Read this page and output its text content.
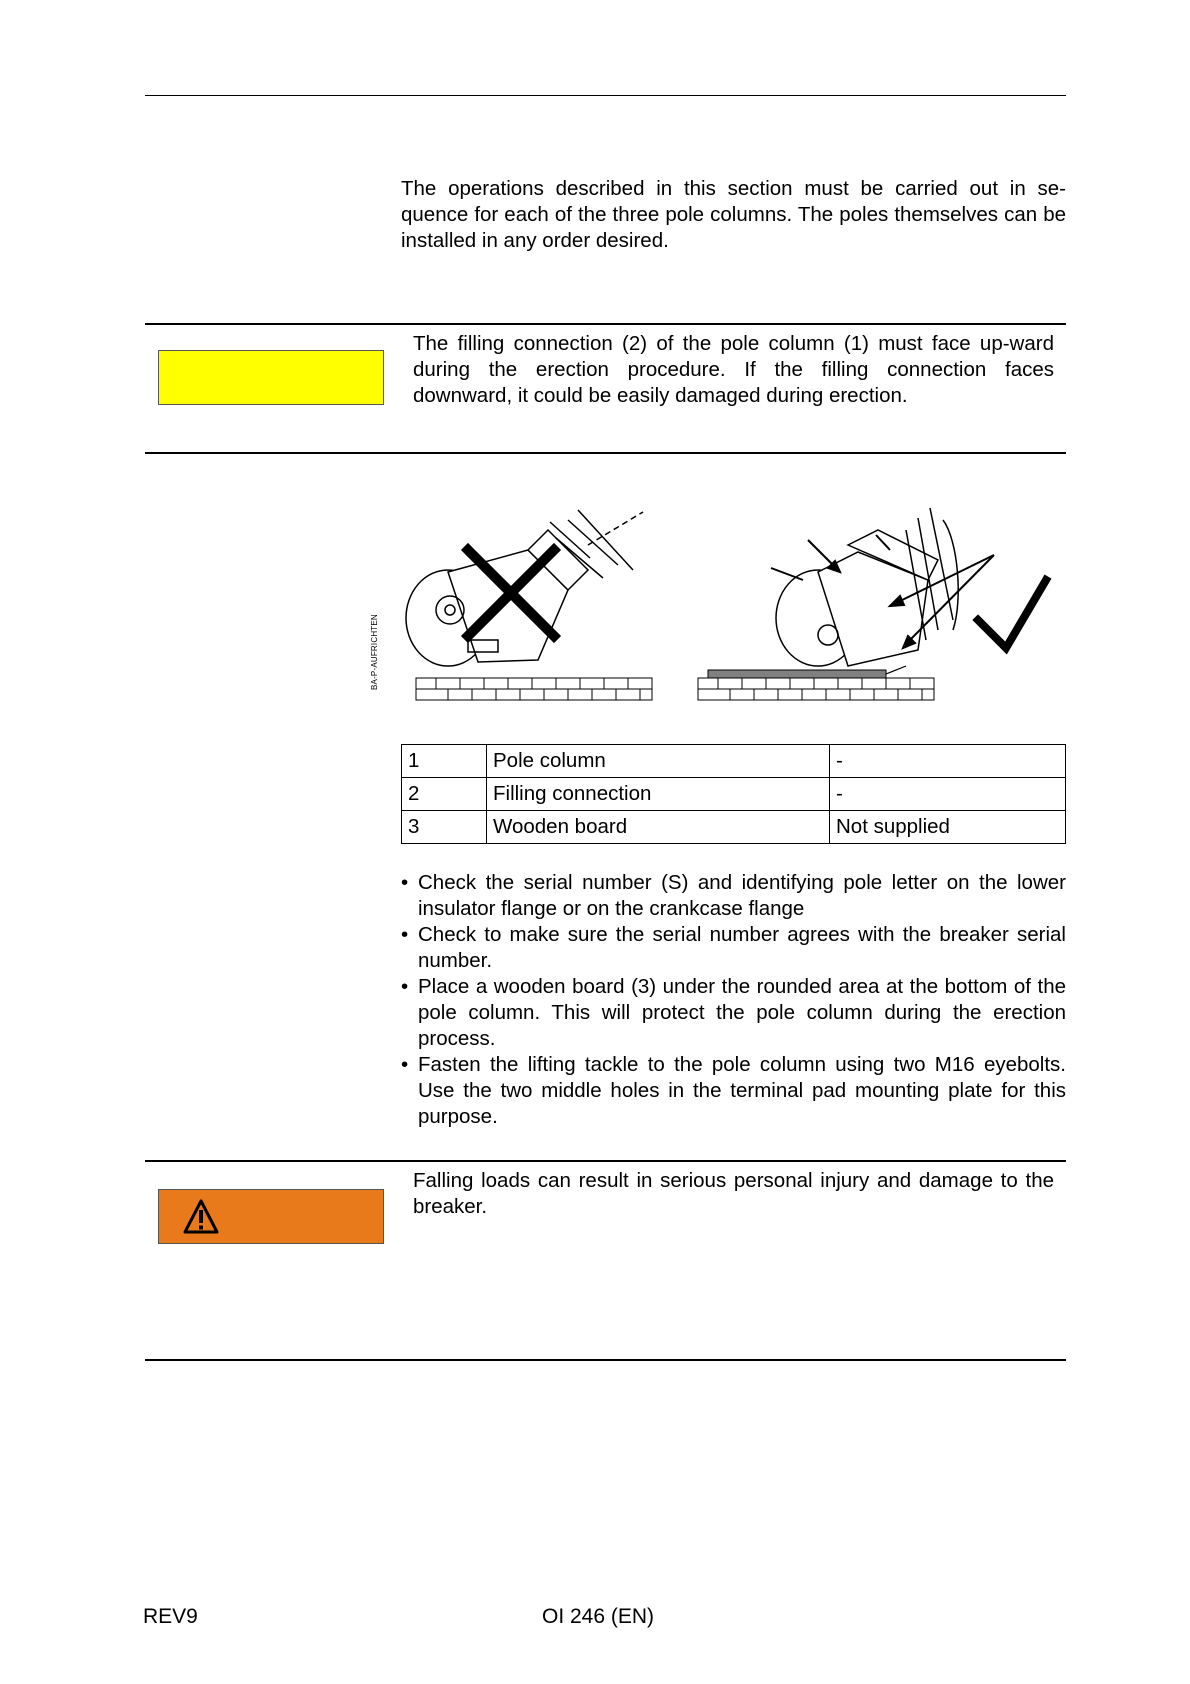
The operations described in this section must be carried out in se-quence for each of the three pole columns. The poles themselves can be installed in any order desired.

The filling connection (2) of the pole column (1) must face up-ward during the erection procedure. If the filling connection faces downward, it could be easily damaged during erection.

BA-P-AUFRICHTEN
1	Pole column	-
2	Filling connection	-
3	Wooden board	Not supplied
• Check the serial number (S) and identifying pole letter on the lower insulator flange or on the crankcase flange
• Check to make sure the serial number agrees with the breaker serial number.
• Place a wooden board (3) under the rounded area at the bottom of the pole column. This will protect the pole column during the erection process.
• Fasten the lifting tackle to the pole column using two M16 eyebolts. Use the two middle holes in the terminal pad mounting plate for this purpose.

Falling loads can result in serious personal injury and damage to the breaker.

REV9	OI 246 (EN)
